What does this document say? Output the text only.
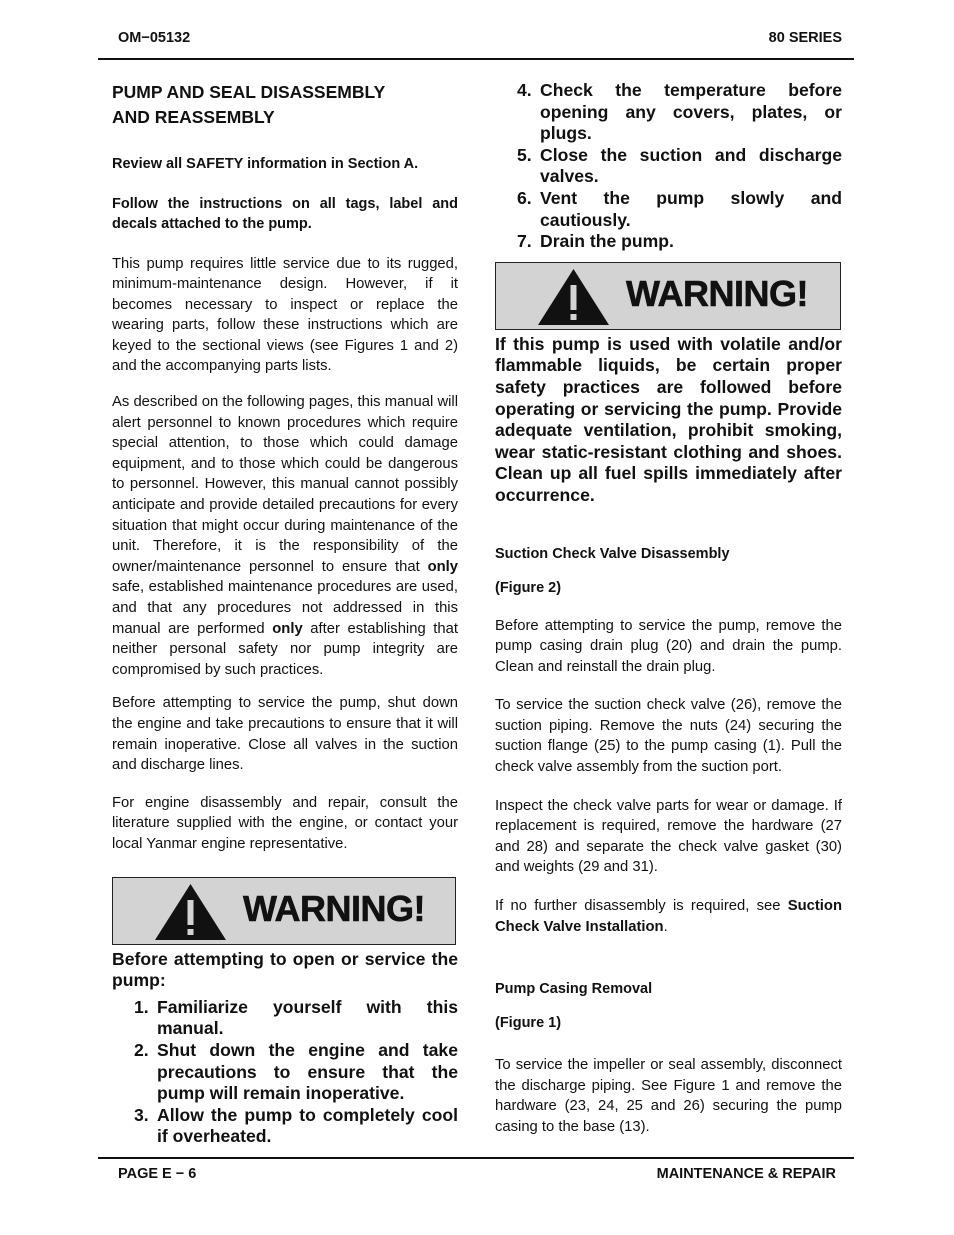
OM−05132	80 SERIES

PUMP AND SEAL DISASSEMBLY

AND REASSEMBLY

Review all SAFETY information in Section A.

Follow the instructions on all tags, label and decals attached to the pump.

This pump requires little service due to its rugged, minimum-maintenance design. However, if it becomes necessary to inspect or replace the wearing parts, follow these instructions which are keyed to the sectional views (see Figures 1 and 2) and the accompanying parts lists.

As described on the following pages, this manual will alert personnel to known procedures which require special attention, to those which could damage equipment, and to those which could be dangerous to personnel. However, this manual cannot possibly anticipate and provide detailed precautions for every situation that might occur during maintenance of the unit. Therefore, it is the responsibility of the owner/maintenance personnel to ensure that only safe, established maintenance procedures are used, and that any procedures not addressed in this manual are performed only after establishing that neither personal safety nor pump integrity are compromised by such practices.

Before attempting to service the pump, shut down the engine and take precautions to ensure that it will remain inoperative. Close all valves in the suction and discharge lines.

For engine disassembly and repair, consult the literature supplied with the engine, or contact your local Yanmar engine representative.

WARNING!

Before attempting to open or service the pump:

1. Familiarize yourself with this manual.
2. Shut down the engine and take precautions to ensure that the pump will remain inoperative.
3. Allow the pump to completely cool if overheated.
4. Check the temperature before opening any covers, plates, or plugs.
5. Close the suction and discharge valves.
6. Vent the pump slowly and cautiously.
7. Drain the pump.
WARNING!

If this pump is used with volatile and/or flammable liquids, be certain proper safety practices are followed before operating or servicing the pump. Provide adequate ventilation, prohibit smoking, wear static-resistant clothing and shoes. Clean up all fuel spills immediately after occurrence.

Suction Check Valve Disassembly

(Figure 2)

Before attempting to service the pump, remove the pump casing drain plug (20) and drain the pump. Clean and reinstall the drain plug.

To service the suction check valve (26), remove the suction piping. Remove the nuts (24) securing the suction flange (25) to the pump casing (1). Pull the check valve assembly from the suction port.

Inspect the check valve parts for wear or damage. If replacement is required, remove the hardware (27 and 28) and separate the check valve gasket (30) and weights (29 and 31).

If no further disassembly is required, see Suction Check Valve Installation.

Pump Casing Removal

(Figure 1)

To service the impeller or seal assembly, disconnect the discharge piping. See Figure 1 and remove the hardware (23, 24, 25 and 26) securing the pump casing to the base (13).

PAGE E − 6	MAINTENANCE & REPAIR
